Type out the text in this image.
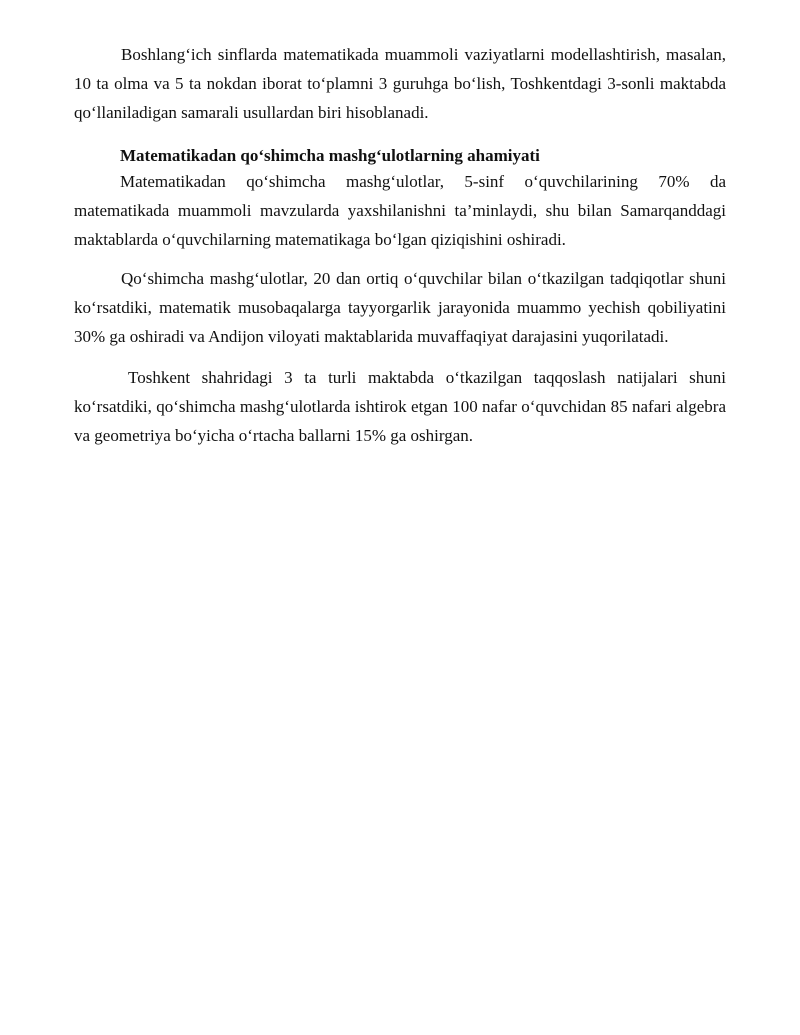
Boshlang‘ich sinflarda matematikada muammoli vaziyatlarni modellashtirish, masalan, 10 ta olma va 5 ta nokdan iborat to‘plamni 3 guruhga bo‘lish, Toshkentdagi 3-sonli maktabda qo‘llaniladigan samarali usullardan biri hisoblanadi.

Matematikadan qo‘shimcha mashg‘ulotlarning ahamiyati

Matematikadan qo‘shimcha mashg‘ulotlar, 5-sinf o‘quvchilarining 70% da matematikada muammoli mavzularda yaxshilanishni ta’minlaydi, shu bilan Samarqanddagi maktablarda o‘quvchilarning matematikaga bo‘lgan qiziqishini oshiradi.

Qo‘shimcha mashg‘ulotlar, 20 dan ortiq o‘quvchilar bilan o‘tkazilgan tadqiqotlar shuni ko‘rsatdiki, matematik musobaqalarga tayyorgarlik jarayonida muammo yechish qobiliyatini 30% ga oshiradi va Andijon viloyati maktablarida muvaffaqiyat darajasini yuqorilatadi.

Toshkent shahridagi 3 ta turli maktabda o‘tkazilgan taqqoslash natijalari shuni ko‘rsatdiki, qo‘shimcha mashg‘ulotlarda ishtirok etgan 100 nafar o‘quvchidan 85 nafari algebra va geometriya bo‘yicha o‘rtacha ballarni 15% ga oshirgan.
